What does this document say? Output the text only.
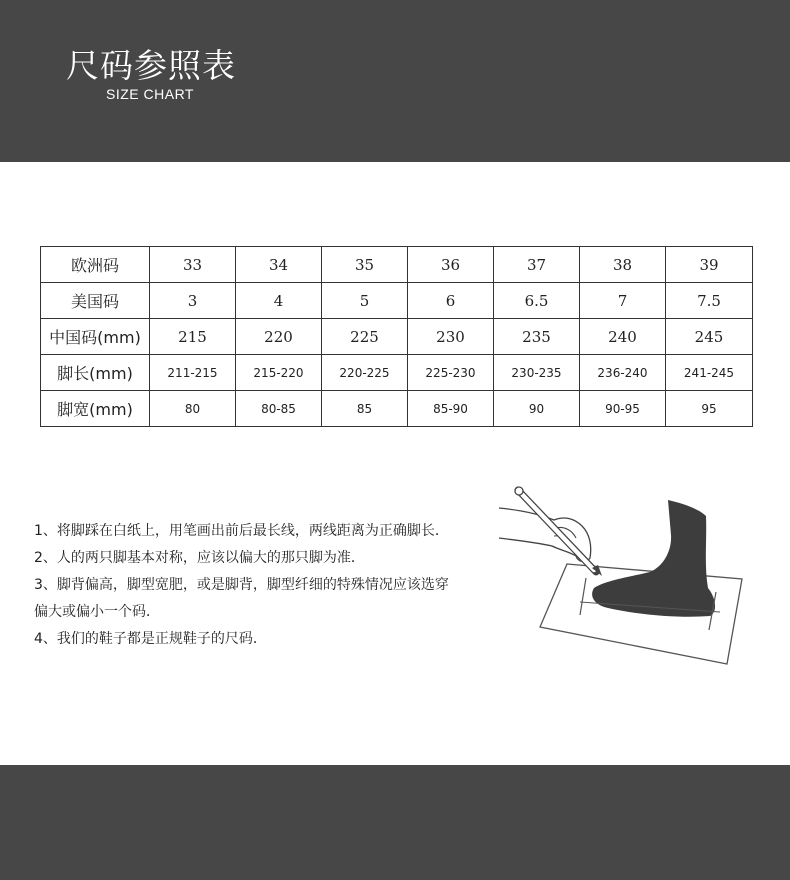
尺码参照表
SIZE CHART
欧洲码	33	34	35	36	37	38	39
美国码	3	4	5	6	6.5	7	7.5
中国码(mm)	215	220	225	230	235	240	245
脚长(mm)	211-215	215-220	220-225	225-230	230-235	236-240	241-245
脚宽(mm)	80	80-85	85	85-90	90	90-95	95
1、将脚踩在白纸上，用笔画出前后最长线，两线距离为正确脚长．
2、人的两只脚基本对称，应该以偏大的那只脚为准．
3、脚背偏高，脚型宽肥，或是脚背，脚型纤细的特殊情况应该选穿
偏大或偏小一个码．
4、我们的鞋子都是正规鞋子的尺码．
